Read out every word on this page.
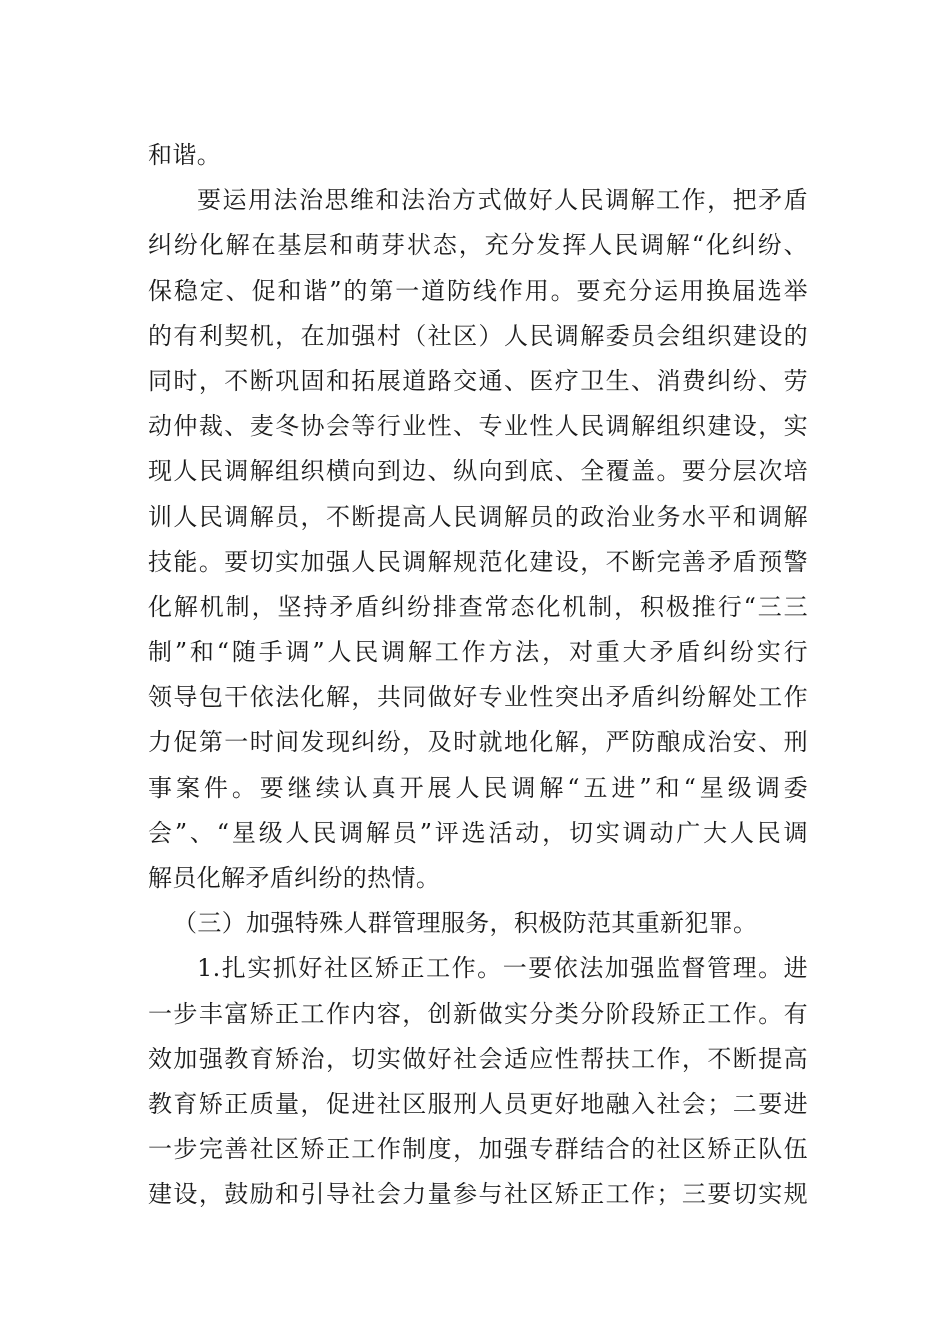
和谐。
要运用法治思维和法治方式做好人民调解工作，把矛盾
纠纷化解在基层和萌芽状态，充分发挥人民调解“化纠纷、
保稳定、促和谐”的第一道防线作用。要充分运用换届选举
的有利契机，在加强村（社区）人民调解委员会组织建设的
同时，不断巩固和拓展道路交通、医疗卫生、消费纠纷、劳
动仲裁、麦冬协会等行业性、专业性人民调解组织建设，实
现人民调解组织横向到边、纵向到底、全覆盖。要分层次培
训人民调解员，不断提高人民调解员的政治业务水平和调解
技能。要切实加强人民调解规范化建设，不断完善矛盾预警
化解机制，坚持矛盾纠纷排查常态化机制，积极推行“三三
制”和“随手调”人民调解工作方法，对重大矛盾纠纷实行
领导包干依法化解，共同做好专业性突出矛盾纠纷解处工作
力促第一时间发现纠纷，及时就地化解，严防酿成治安、刑
事案件。要继续认真开展人民调解“五进”和“星级调委
会”、“星级人民调解员”评选活动，切实调动广大人民调
解员化解矛盾纠纷的热情。
（三）加强特殊人群管理服务，积极防范其重新犯罪。
1.扎实抓好社区矫正工作。一要依法加强监督管理。进
一步丰富矫正工作内容，创新做实分类分阶段矫正工作。有
效加强教育矫治，切实做好社会适应性帮扶工作，不断提高
教育矫正质量，促进社区服刑人员更好地融入社会；二要进
一步完善社区矫正工作制度，加强专群结合的社区矫正队伍
建设，鼓励和引导社会力量参与社区矫正工作；三要切实规
